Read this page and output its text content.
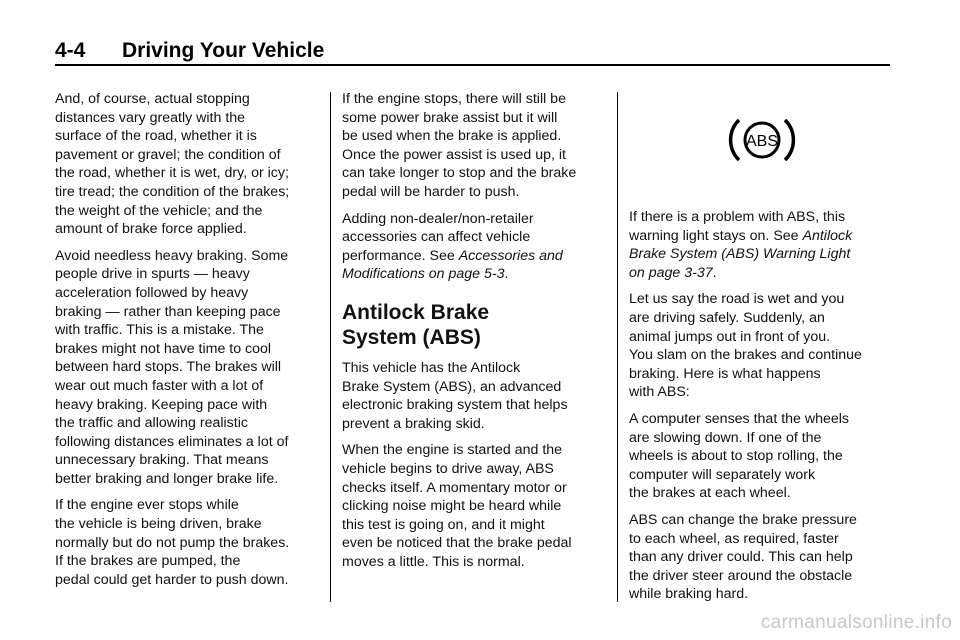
4-4 Driving Your Vehicle

And, of course, actual stopping
distances vary greatly with the
surface of the road, whether it is
pavement or gravel; the condition of
the road, whether it is wet, dry, or icy;
tire tread; the condition of the brakes;
the weight of the vehicle; and the
amount of brake force applied.

Avoid needless heavy braking. Some
people drive in spurts — heavy
acceleration followed by heavy
braking — rather than keeping pace
with traffic. This is a mistake. The
brakes might not have time to cool
between hard stops. The brakes will
wear out much faster with a lot of
heavy braking. Keeping pace with
the traffic and allowing realistic
following distances eliminates a lot of
unnecessary braking. That means
better braking and longer brake life.

If the engine ever stops while
the vehicle is being driven, brake
normally but do not pump the brakes.
If the brakes are pumped, the
pedal could get harder to push down.

If the engine stops, there will still be
some power brake assist but it will
be used when the brake is applied.
Once the power assist is used up, it
can take longer to stop and the brake
pedal will be harder to push.

Adding non-dealer/non-retailer
accessories can affect vehicle
performance. See Accessories and
Modifications on page 5-3.

Antilock Brake
System (ABS)

This vehicle has the Antilock
Brake System (ABS), an advanced
electronic braking system that helps
prevent a braking skid.

When the engine is started and the
vehicle begins to drive away, ABS
checks itself. A momentary motor or
clicking noise might be heard while
this test is going on, and it might
even be noticed that the brake pedal
moves a little. This is normal.

ABS

If there is a problem with ABS, this
warning light stays on. See Antilock
Brake System (ABS) Warning Light
on page 3-37.

Let us say the road is wet and you
are driving safely. Suddenly, an
animal jumps out in front of you.
You slam on the brakes and continue
braking. Here is what happens
with ABS:

A computer senses that the wheels
are slowing down. If one of the
wheels is about to stop rolling, the
computer will separately work
the brakes at each wheel.

ABS can change the brake pressure
to each wheel, as required, faster
than any driver could. This can help
the driver steer around the obstacle
while braking hard.

carmanualsonline.info
